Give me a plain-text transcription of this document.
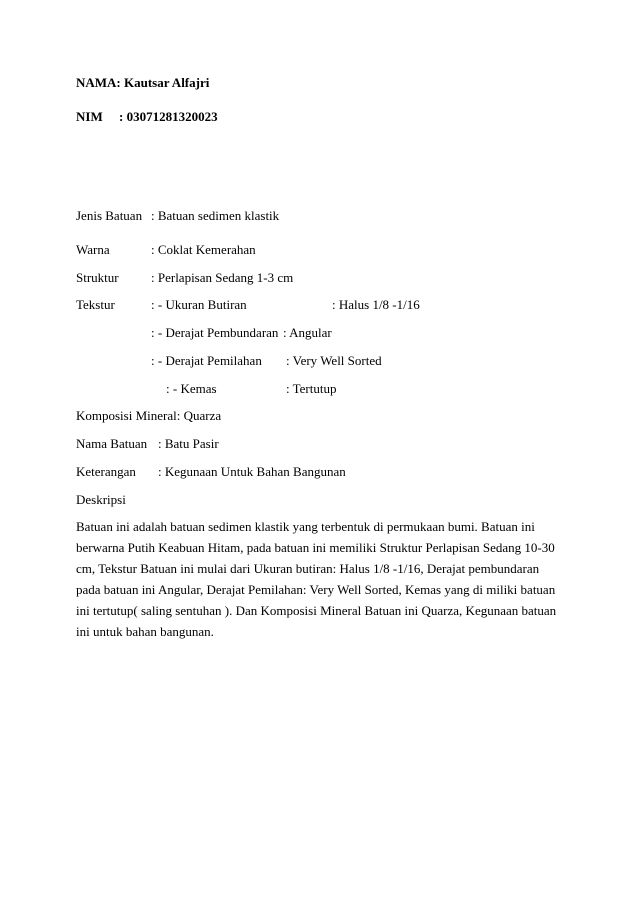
NAMA: Kautsar Alfajri
NIM : 03071281320023
Jenis Batuan : Batuan sedimen klastik
Warna	: Coklat Kemerahan
Struktur : Perlapisan Sedang 1-3 cm
Tekstur	: - Ukuran Butiran	: Halus 1/8 -1/16
: - Derajat Pembundaran : Angular
: - Derajat Pemilahan : Very Well Sorted
: - Kemas	: Tertutup
Komposisi Mineral: Quarza
Nama Batuan : Batu Pasir
Keterangan : Kegunaan Untuk Bahan Bangunan
Deskripsi
Batuan ini adalah batuan sedimen klastik yang terbentuk di permukaan bumi. Batuan ini
berwarna Putih Keabuan Hitam, pada batuan ini memiliki Struktur Perlapisan Sedang 10-30
cm, Tekstur Batuan ini mulai dari Ukuran butiran: Halus 1/8 -1/16, Derajat pembundaran
pada batuan ini Angular, Derajat Pemilahan: Very Well Sorted, Kemas yang di miliki batuan
ini tertutup( saling sentuhan ). Dan Komposisi Mineral Batuan ini Quarza, Kegunaan batuan
ini untuk bahan bangunan.
